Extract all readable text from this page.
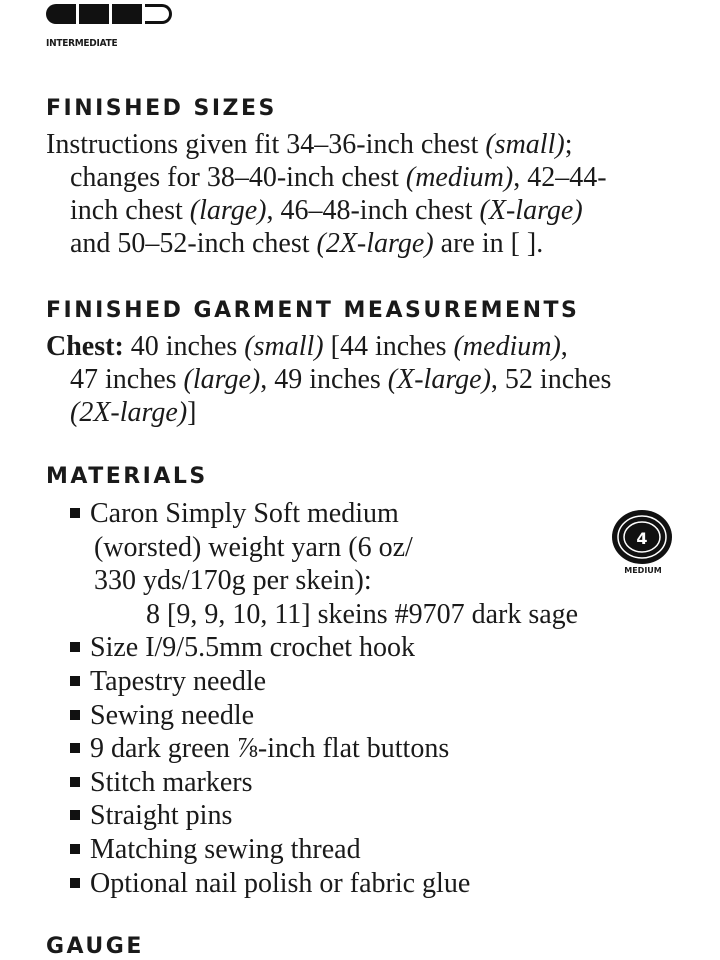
INTERMEDIATE
FINISHED SIZES
Instructions given fit 34–36-inch chest (small);
changes for 38–40-inch chest (medium), 42–44-
inch chest (large), 46–48-inch chest (X-large)
and 50–52-inch chest (2X-large) are in [ ].
FINISHED GARMENT MEASUREMENTS
Chest: 40 inches (small) [44 inches (medium),
47 inches (large), 49 inches (X-large), 52 inches
(2X-large)]
MATERIALS
Caron Simply Soft medium
(worsted) weight yarn (6 oz/
330 yds/170g per skein):
8 [9, 9, 10, 11] skeins #9707 dark sage
Size I/9/5.5mm crochet hook
Tapestry needle
Sewing needle
9 dark green ⅞-inch flat buttons
Stitch markers
Straight pins
Matching sewing thread
Optional nail polish or fabric glue
4
MEDIUM
GAUGE
